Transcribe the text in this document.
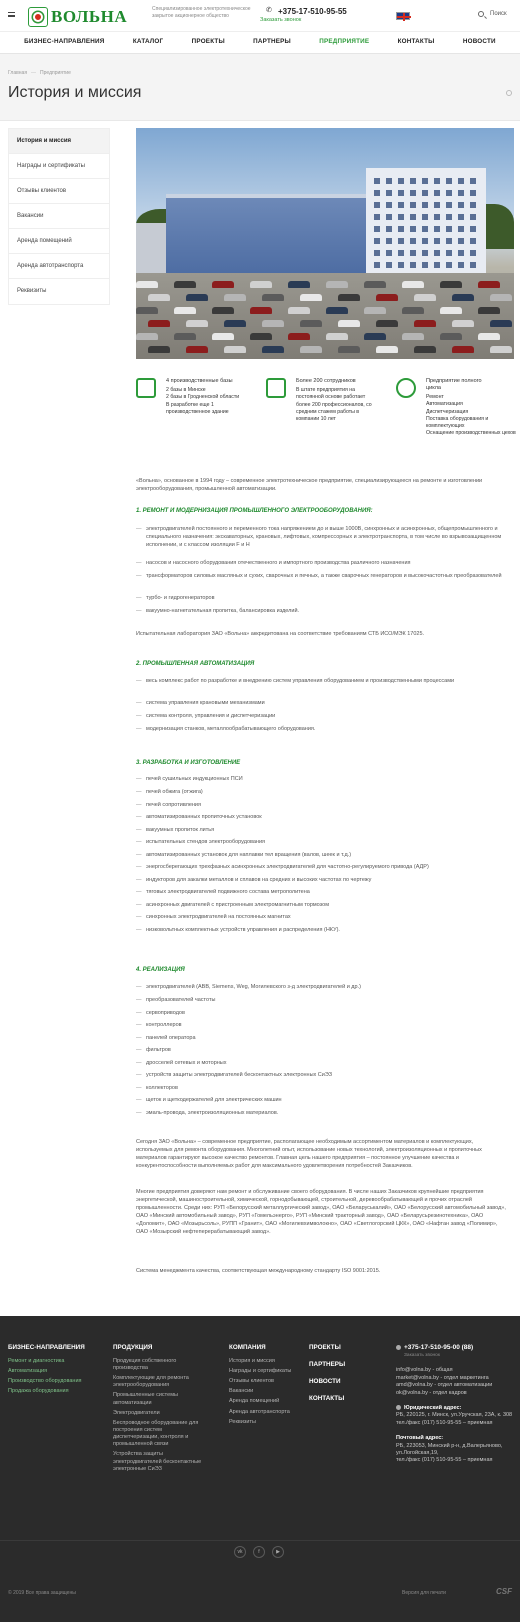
ВОЛЬНА	Специализированное электротехническое закрытое акционерное общество
✆ +375-17-510-95-55
Заказать звонок
Поиск
БИЗНЕС-НАПРАВЛЕНИЯ	КАТАЛОГ	ПРОЕКТЫ	ПАРТНЕРЫ	ПРЕДПРИЯТИЕ	КОНТАКТЫ	НОВОСТИ
Главная — Предприятие
История и миссия
История и миссия
Награды и сертификаты
Отзывы клиентов
Вакансии
Аренда помещений
Аренда автотранспорта
Реквизиты
4 производственные базы
2 базы в Минске
2 базы в Гродненской области
В разработке еще 1 производственное здание
Более 200 сотрудников
В штате предприятия на постоянной основе работает более 200 профессионалов, со средним стажем работы в компании 10 лет
Предприятие полного цикла
Ремонт
Автоматизация
Диспетчеризация
Поставка оборудования и комплектующих
Оснащение производственных цехов
«Вольна», основанное в 1994 году – современное электротехническое предприятие, специализирующееся на ремонте и изготовлении электрооборудования, промышленной автоматизации.
1. РЕМОНТ И МОДЕРНИЗАЦИЯ ПРОМЫШЛЕННОГО ЭЛЕКТРООБОРУДОВАНИЯ:
— электродвигателей постоянного и переменного тока напряжением до и выше 1000В, синхронных и асинхронных, общепромышленного и специального назначения: экскаваторных, крановых, лифтовых, компрессорных и электротранспорта, в том числе во взрывозащищенном исполнении, и с классом изоляции F и H
— насосов и насосного оборудования отечественного и импортного производства различного назначения
— трансформаторов силовых масляных и сухих, сварочных и печных, а также сварочных генераторов и высокочастотных преобразователей
— турбо- и гидрогенераторов
— вакуумно-нагнетательная пропитка, балансировка изделий.
Испытательная лаборатория ЗАО «Вольна» аккредитована на соответствие требованиям СТБ ИСО/МЭК 17025.
2. ПРОМЫШЛЕННАЯ АВТОМАТИЗАЦИЯ
— весь комплекс работ по разработке и внедрению систем управления оборудованием и производственными процессами
— система управления крановыми механизмами
— система контроля, управления и диспетчеризации
— модернизация станков, металлообрабатывающего оборудования.
3. РАЗРАБОТКА И ИЗГОТОВЛЕНИЕ
— печей сушильных индукционных ПСИ
— печей обжига (отжига)
— печей сопротивления
— автоматизированных пропиточных установок
— вакуумных пропиток литья
— испытательных стендов электрооборудования
— автоматизированных установок для наплавки тел вращения (валов, шеек и т.д.)
— энергосберегающих трехфазных асинхронных электродвигателей для частотно-регулируемого привода (АДР)
— индукторов для закалки металлов и сплавов на средних и высоких частотах по чертежу
— тяговых электродвигателей подвижного состава метрополитена
— асинхронных двигателей с пристроенным электромагнитным тормозом
— синхронных электродвигателей на постоянных магнитах
— низковольтных комплектных устройств управления и распределения (НКУ).
4. РЕАЛИЗАЦИЯ
— электродвигателей (ABB, Siemens, Weg, Могилевского з-д электродвигателей и др.)
— преобразователей частоты
— сервоприводов
— контроллеров
— панелей оператора
— фильтров
— дросселей сетевых и моторных
— устройств защиты электродвигателей бесконтактных электронных СиЭЗ
— коллекторов
— щеток и щеткодержателей для электрических машин
— эмаль-провода, электроизоляционных материалов.
Сегодня ЗАО «Вольна» – современное предприятие, располагающее необходимым ассортиментом материалов и комплектующих, используемых для ремонта оборудования. Многолетний опыт, использование новых технологий, электроизоляционных и пропиточных материалов гарантируют высокое качество ремонтов. Главная цель нашего предприятия – постоянное улучшение качества и конкурентоспособности выполняемых работ для максимального удовлетворения потребностей Заказчиков.
Многие предприятия доверяют нам ремонт и обслуживание своего оборудования. В числе наших Заказчиков крупнейшие предприятия энергетической, машиностроительной, химической, горнодобывающей, строительной, деревообрабатывающей и прочих отраслей промышленности. Среди них: РУП «Белорусский металлургический завод», ОАО «Беларуськалий», ОАО «Белорусский автомобильный завод», ОАО «Минский автомобильный завод», РУП «Гомельэнерго», РУП «Минский тракторный завод», ОАО «Беларусьрезинотехника», ОАО «Доломит», ОАО «Мозырьсоль», РУПП «Гранит», ОАО «Могилевхимволокно», ОАО «Светлогорский ЦКК», ОАО «Нафтан завод «Полимир», ОАО «Мозырский нефтеперерабатывающий завод».
Система менеджмента качества, соответствующая международному стандарту ISO 9001:2015.
БИЗНЕС-НАПРАВЛЕНИЯ
Ремонт и диагностика
Автоматизация
Производство оборудования
Продажа оборудования
ПРОДУКЦИЯ
Продукция собственного производства
Комплектующие для ремонта электрооборудования
Промышленные системы автоматизации
Электродвигатели
Беспроводное оборудование для построения систем диспетчеризации, контроля и промышленной связи
Устройства защиты электродвигателей бесконтактные электронные СиЭЗ
КОМПАНИЯ
История и миссия
Награды и сертификаты
Отзывы клиентов
Вакансии
Аренда помещений
Аренда автотранспорта
Реквизиты
ПРОЕКТЫ
ПАРТНЕРЫ
НОВОСТИ
КОНТАКТЫ
+375-17-510-95-00 (88)
Заказать звонок
info@volna.by - общая
market@volna.by - отдел маркетинга
amd@volna.by - отдел автоматизации
ok@volna.by - отдел кадров
Юридический адрес:
РБ, 220125, г. Минск, ул.Уручская, 23А, к. 308
тел./факс (017) 510-95-55 – приемная
Почтовый адрес:
РБ, 223053, Минский р-н, д.Валерьяново, ул.Логойская,19,
тел./факс (017) 510-95-55 – приемная
vk	f	▶
© 2019 Все права защищены	Версия для печати	CSF
